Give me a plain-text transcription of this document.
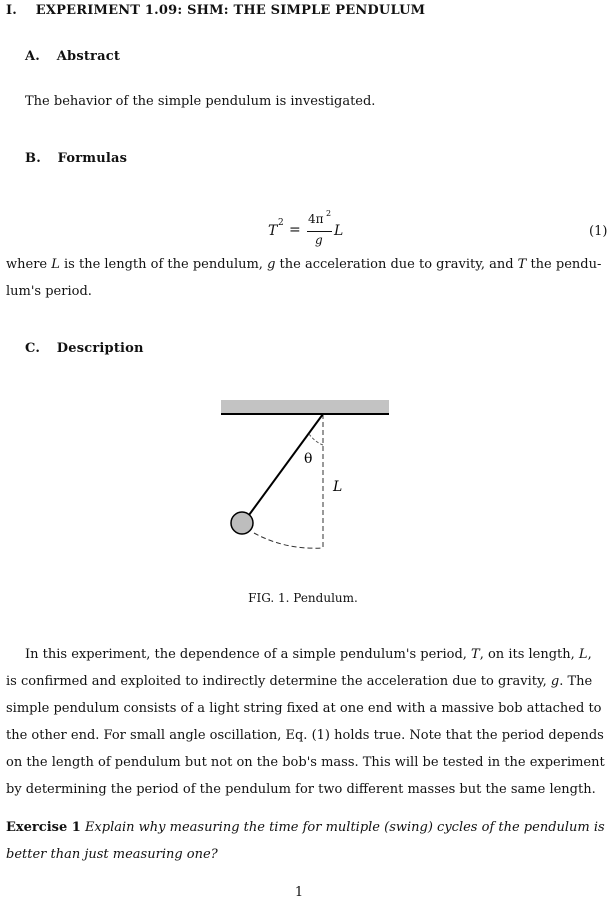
I. EXPERIMENT 1.09: SHM: THE SIMPLE PENDULUM
A. Abstract
The behavior of the simple pendulum is investigated.
B. Formulas
T 2 =
4π 2
g
L	(1)
where L is the length of the pendulum, g the acceleration due to gravity, and T the pendu-
lum's period.
C. Description
θ
L
FIG. 1. Pendulum.

In this experiment, the dependence of a simple pendulum's period, T, on its length, L,

is confirmed and exploited to indirectly determine the acceleration due to gravity, g. The

simple pendulum consists of a light string fixed at one end with a massive bob attached to

the other end. For small angle oscillation, Eq. (1) holds true. Note that the period depends

on the length of pendulum but not on the bob's mass. This will be tested in the experiment

by determining the period of the pendulum for two different masses but the same length.

Exercise 1 Explain why measuring the time for multiple (swing) cycles of the pendulum is

better than just measuring one?

1
